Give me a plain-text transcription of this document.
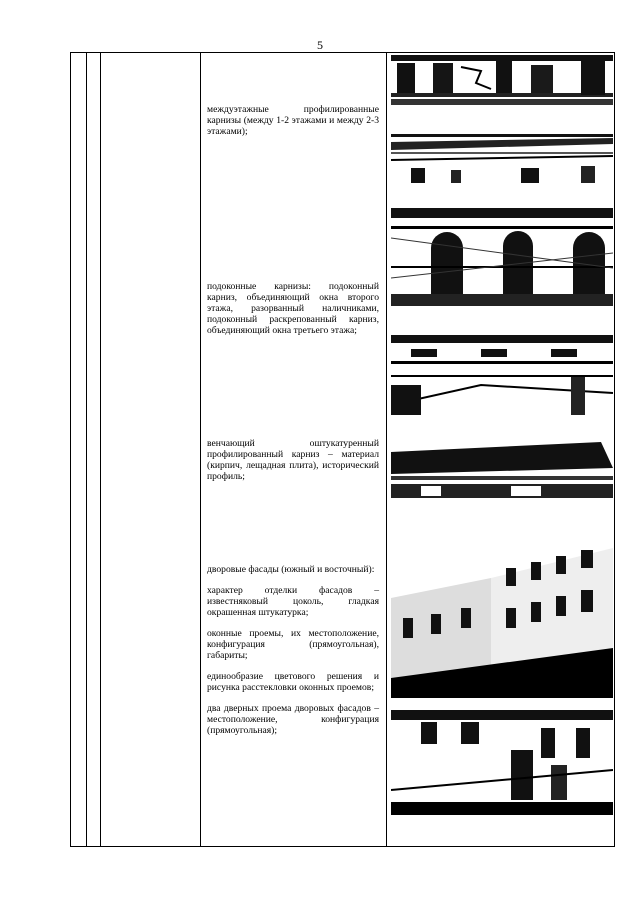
5
междуэтажные профилированные карнизы (между 1-2 этажами и между 2-3 этажами);
подоконные карнизы: подоконный карниз, объединяющий окна второго этажа, разорванный наличниками, подоконный раскрепованный карниз, объединяющий окна третьего этажа;
венчающий оштукатуренный профилированный карниз – материал (кирпич, лещадная плита), исторический профиль;

дворовые фасады (южный и восточный):

характер отделки фасадов – известняковый цоколь, гладкая окрашенная штукатурка;

оконные проемы, их местоположение, конфигурация (прямоугольная), габариты;

единообразие цветового решения и рисунка расстекловки оконных проемов;

два дверных проема дворовых фасадов – местоположение, конфигурация (прямоугольная);
